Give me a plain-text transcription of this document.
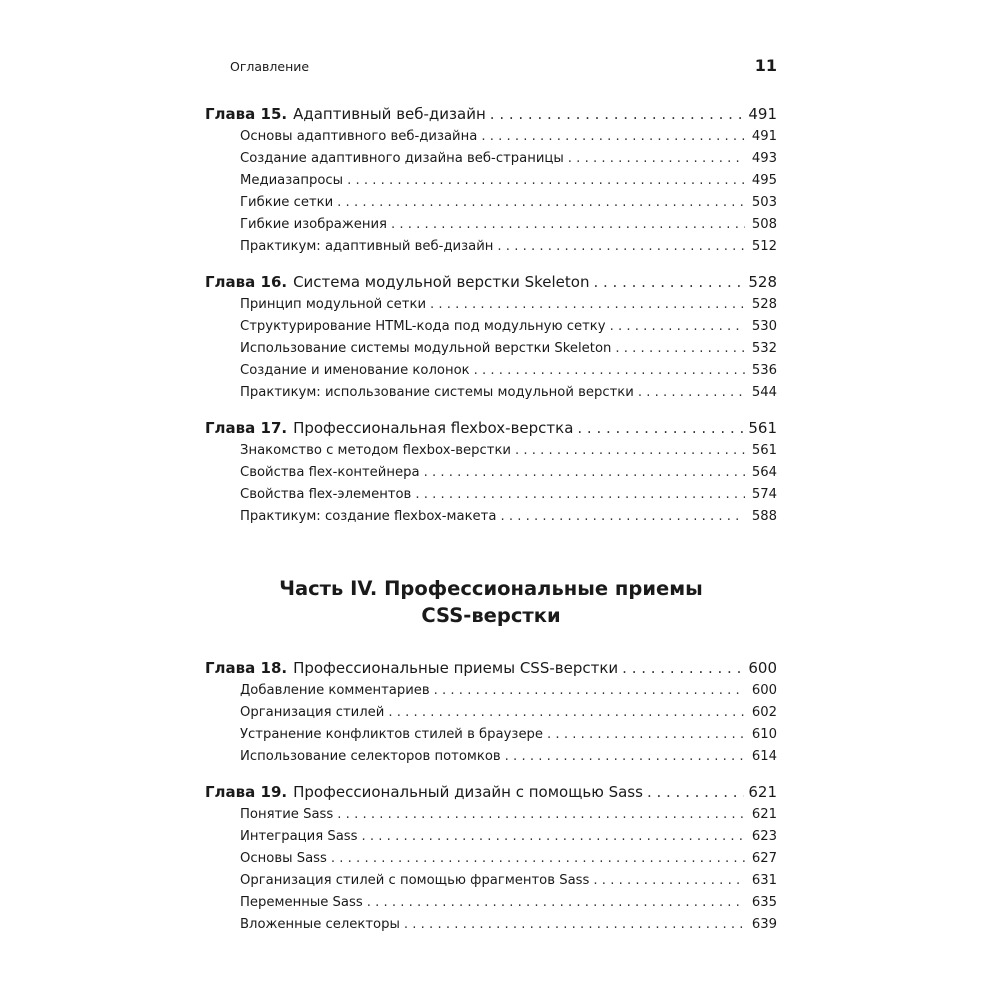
Оглавление	11
Глава 15. Адаптивный веб-дизайн . . .	491
Основы адаптивного веб-дизайна . . .	491
Создание адаптивного дизайна веб-страницы . . .	493
Медиазапросы . . .	495
Гибкие сетки . . .	503
Гибкие изображения . . .	508
Практикум: адаптивный веб-дизайн . . .	512
Глава 16. Система модульной верстки Skeleton . . .	528
Принцип модульной сетки . . .	528
Структурирование HTML-кода под модульную сетку . . .	530
Использование системы модульной верстки Skeleton . . .	532
Создание и именование колонок . . .	536
Практикум: использование системы модульной верстки . . .	544
Глава 17. Профессиональная flexbox-верстка . . .	561
Знакомство с методом flexbox-верстки . . .	561
Свойства flex-контейнера . . .	564
Свойства flex-элементов . . .	574
Практикум: создание flexbox-макета . . .	588
Часть IV. Профессиональные приемы
CSS-верстки
Глава 18. Профессиональные приемы CSS-верстки . . .	600
Добавление комментариев . . .	600
Организация стилей . . .	602
Устранение конфликтов стилей в браузере . . .	610
Использование селекторов потомков . . .	614
Глава 19. Профессиональный дизайн с помощью Sass . . .	621
Понятие Sass . . .	621
Интеграция Sass . . .	623
Основы Sass . . .	627
Организация стилей с помощью фрагментов Sass . . .	631
Переменные Sass . . .	635
Вложенные селекторы . . .	639
